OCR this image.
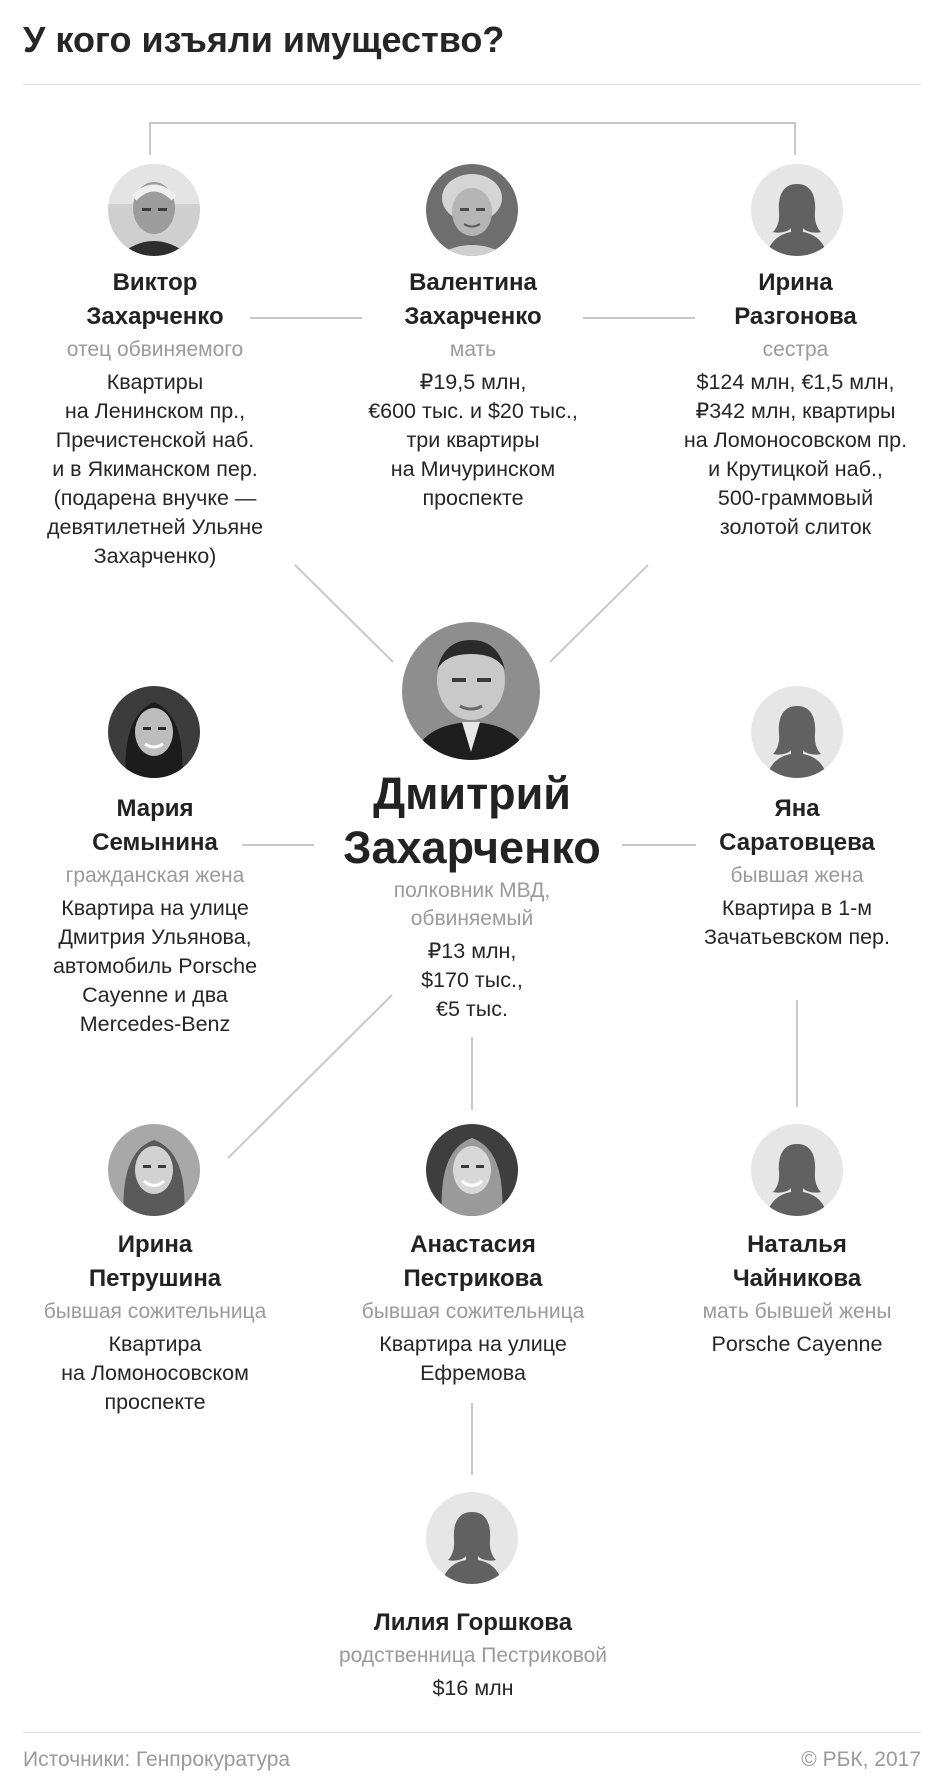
У кого изъяли имущество?
Виктор
Захарченко
отец обвиняемого
Квартиры
на Ленинском пр.,
Пречистенской наб.
и в Якиманском пер.
(подарена внучке —
девятилетней Ульяне
Захарченко)
Валентина
Захарченко
мать
₽19,5 млн,
€600 тыс. и $20 тыс.,
три квартиры
на Мичуринском
проспекте
Ирина
Разгонова
сестра
$124 млн, €1,5 млн,
₽342 млн, квартиры
на Ломоносовском пр.
и Крутицкой наб.,
500-граммовый
золотой слиток
Дмитрий
Захарченко
полковник МВД,
обвиняемый
₽13 млн,
$170 тыс.,
€5 тыс.
Мария
Семынина
гражданская жена
Квартира на улице
Дмитрия Ульянова,
автомобиль Porsche
Cayenne и два
Mercedes-Benz
Яна
Саратовцева
бывшая жена
Квартира в 1-м
Зачатьевском пер.
Ирина
Петрушина
бывшая сожительница
Квартира
на Ломоносовском
проспекте
Анастасия
Пестрикова
бывшая сожительница
Квартира на улице
Ефремова
Наталья
Чайникова
мать бывшей жены
Porsche Cayenne
Лилия Горшкова
родственница Пестриковой
$16 млн
Источники: Генпрокуратура	© РБК, 2017
